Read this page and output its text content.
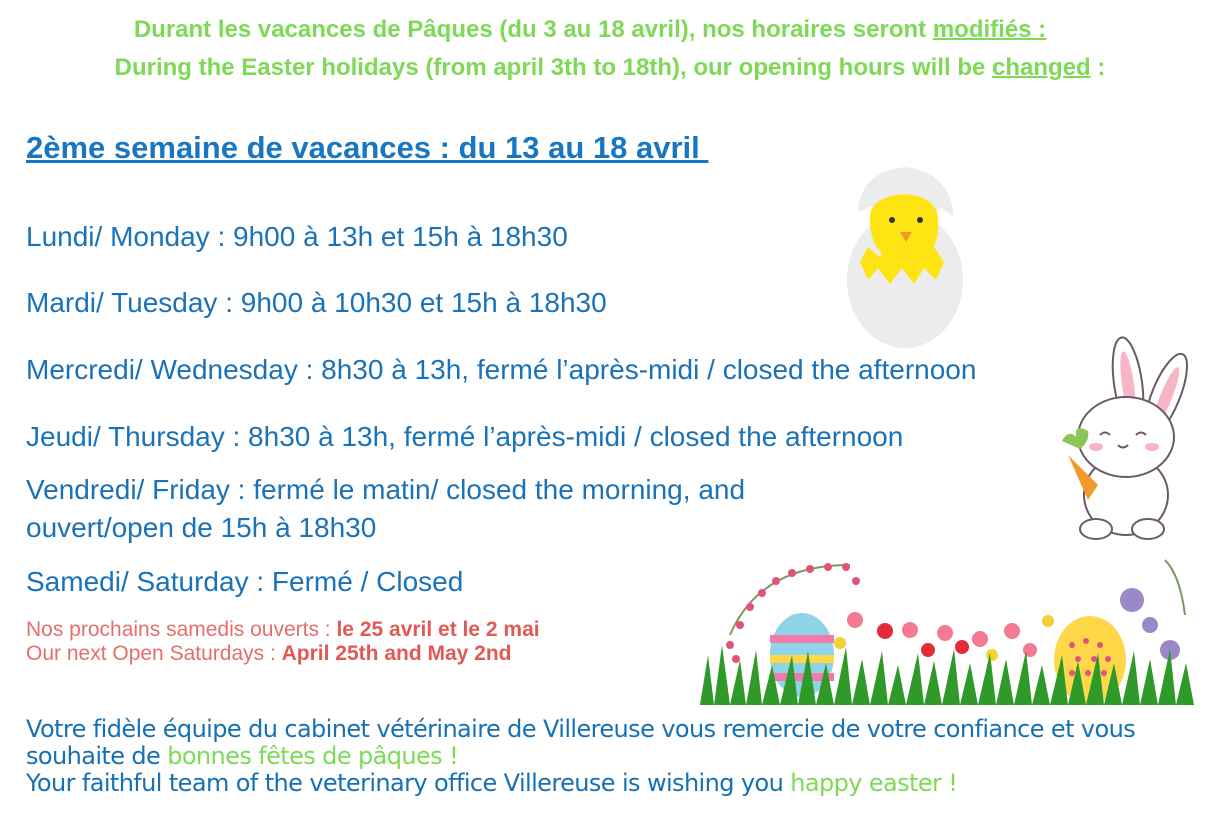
Durant les vacances de Pâques (du 3 au 18 avril), nos horaires seront modifiés :
During the Easter holidays (from april 3th to 18th), our opening hours will be changed :
2ème semaine de vacances : du 13 au 18 avril
Lundi/ Monday : 9h00 à 13h et 15h à 18h30
Mardi/ Tuesday : 9h00 à 10h30 et 15h à 18h30
Mercredi/ Wednesday : 8h30 à 13h, fermé l’après-midi / closed the afternoon
Jeudi/ Thursday : 8h30 à 13h, fermé l’après-midi / closed the afternoon
Vendredi/ Friday : fermé le matin/ closed the morning, and
ouvert/open de 15h à 18h30
Samedi/ Saturday : Fermé / Closed
Nos prochains samedis ouverts : le 25 avril et le 2 mai
Our next Open Saturdays : April 25th and May 2nd
Votre fidèle équipe du cabinet vétérinaire de Villereuse vous remercie de votre confiance et vous
souhaite de bonnes fêtes de pâques !
Your faithful team of the veterinary office Villereuse is wishing you happy easter !
